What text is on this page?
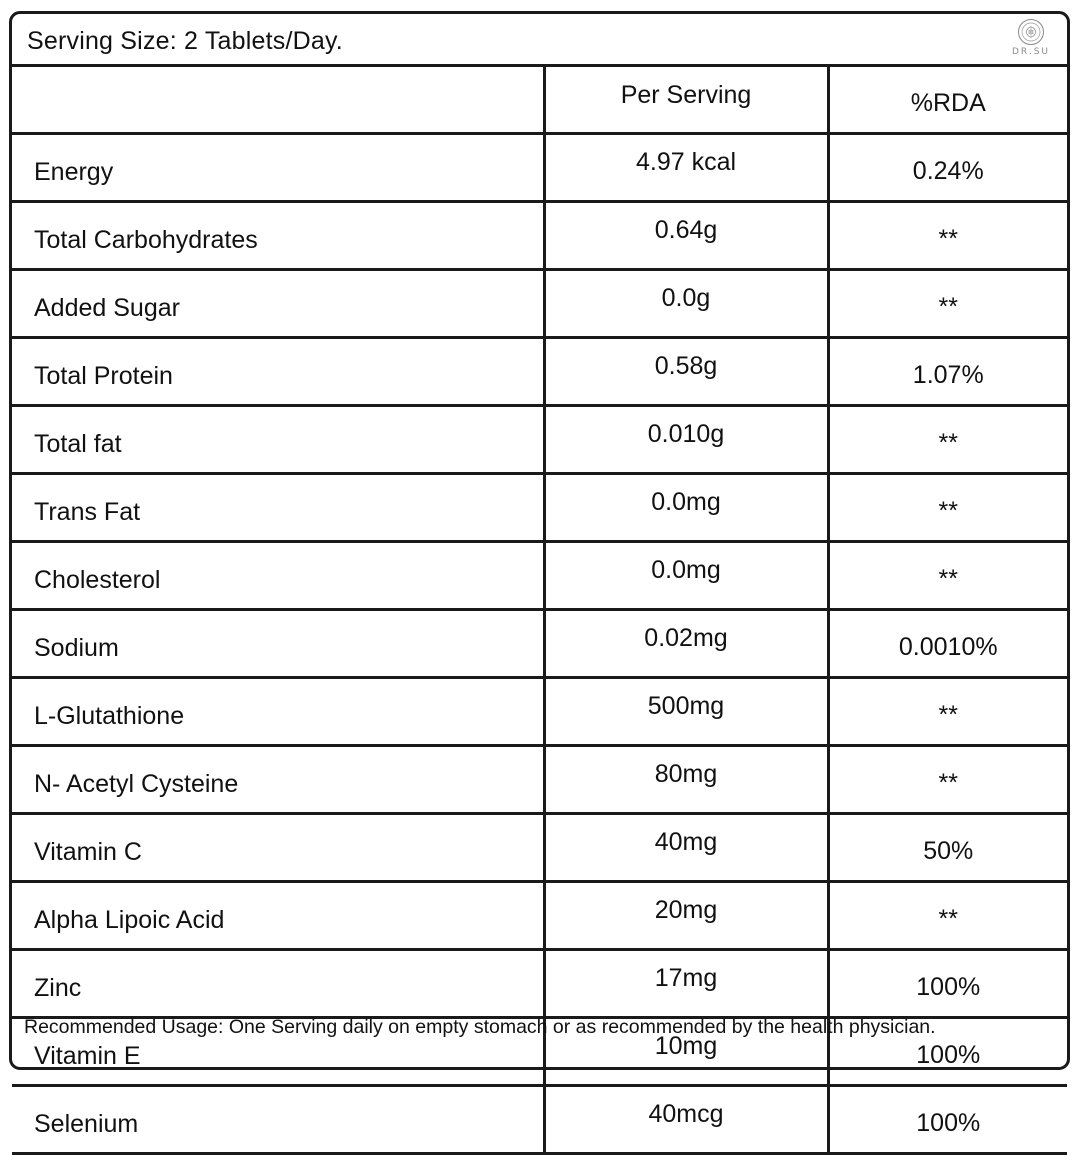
Serving Size: 2 Tablets/Day.	DR.SU
	Per Serving	%RDA
Energy	4.97 kcal	0.24%
Total Carbohydrates	0.64g	**
Added Sugar	0.0g	**
Total Protein	0.58g	1.07%
Total fat	0.010g	**
Trans Fat	0.0mg	**
Cholesterol	0.0mg	**
Sodium	0.02mg	0.0010%
L-Glutathione	500mg	**
N- Acetyl Cysteine	80mg	**
Vitamin C	40mg	50%
Alpha Lipoic Acid	20mg	**
Zinc	17mg	100%
Vitamin E	10mg	100%
Selenium	40mcg	100%
Recommended Usage: One Serving daily on empty stomach or as recommended by the health physician.
